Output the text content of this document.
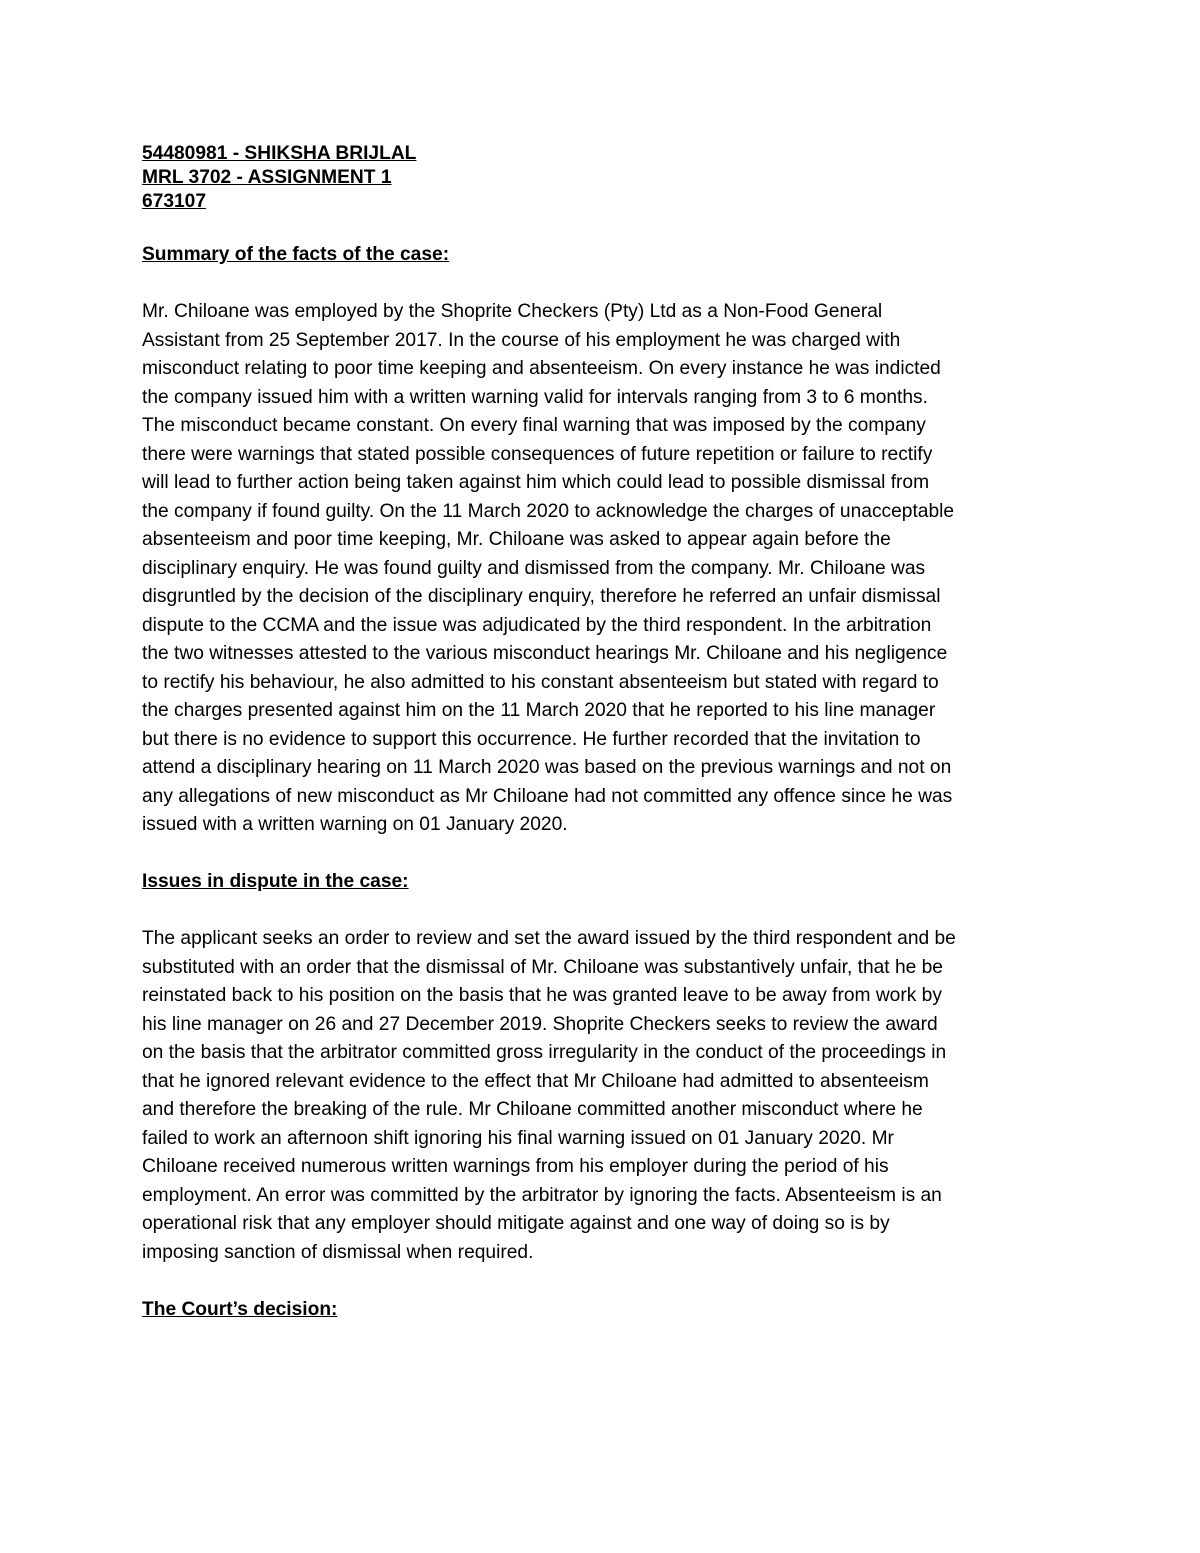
54480981 - SHIKSHA BRIJLAL

MRL 3702 - ASSIGNMENT 1

673107

Summary of the facts of the case:

Mr. Chiloane was employed by the Shoprite Checkers (Pty) Ltd as a Non-Food General

Assistant from 25 September 2017. In the course of his employment he was charged with

misconduct relating to poor time keeping and absenteeism. On every instance he was indicted

the company issued him with a written warning valid for intervals ranging from 3 to 6 months.

The misconduct became constant. On every final warning that was imposed by the company

there were warnings that stated possible consequences of future repetition or failure to rectify

will lead to further action being taken against him which could lead to possible dismissal from

the company if found guilty. On the 11 March 2020 to acknowledge the charges of unacceptable

absenteeism and poor time keeping, Mr. Chiloane was asked to appear again before the

disciplinary enquiry. He was found guilty and dismissed from the company. Mr. Chiloane was

disgruntled by the decision of the disciplinary enquiry, therefore he referred an unfair dismissal

dispute to the CCMA and the issue was adjudicated by the third respondent. In the arbitration

the two witnesses attested to the various misconduct hearings Mr. Chiloane and his negligence

to rectify his behaviour, he also admitted to his constant absenteeism but stated with regard to

the charges presented against him on the 11 March 2020 that he reported to his line manager

but there is no evidence to support this occurrence. He further recorded that the invitation to

attend a disciplinary hearing on 11 March 2020 was based on the previous warnings and not on

any allegations of new misconduct as Mr Chiloane had not committed any offence since he was

issued with a written warning on 01 January 2020.

Issues in dispute in the case:

The applicant seeks an order to review and set the award issued by the third respondent and be

substituted with an order that the dismissal of Mr. Chiloane was substantively unfair, that he be

reinstated back to his position on the basis that he was granted leave to be away from work by

his line manager on 26 and 27 December 2019. Shoprite Checkers seeks to review the award

on the basis that the arbitrator committed gross irregularity in the conduct of the proceedings in

that he ignored relevant evidence to the effect that Mr Chiloane had admitted to absenteeism

and therefore the breaking of the rule. Mr Chiloane committed another misconduct where he

failed to work an afternoon shift ignoring his final warning issued on 01 January 2020. Mr

Chiloane received numerous written warnings from his employer during the period of his

employment. An error was committed by the arbitrator by ignoring the facts. Absenteeism is an

operational risk that any employer should mitigate against and one way of doing so is by

imposing sanction of dismissal when required.

The Court’s decision:
